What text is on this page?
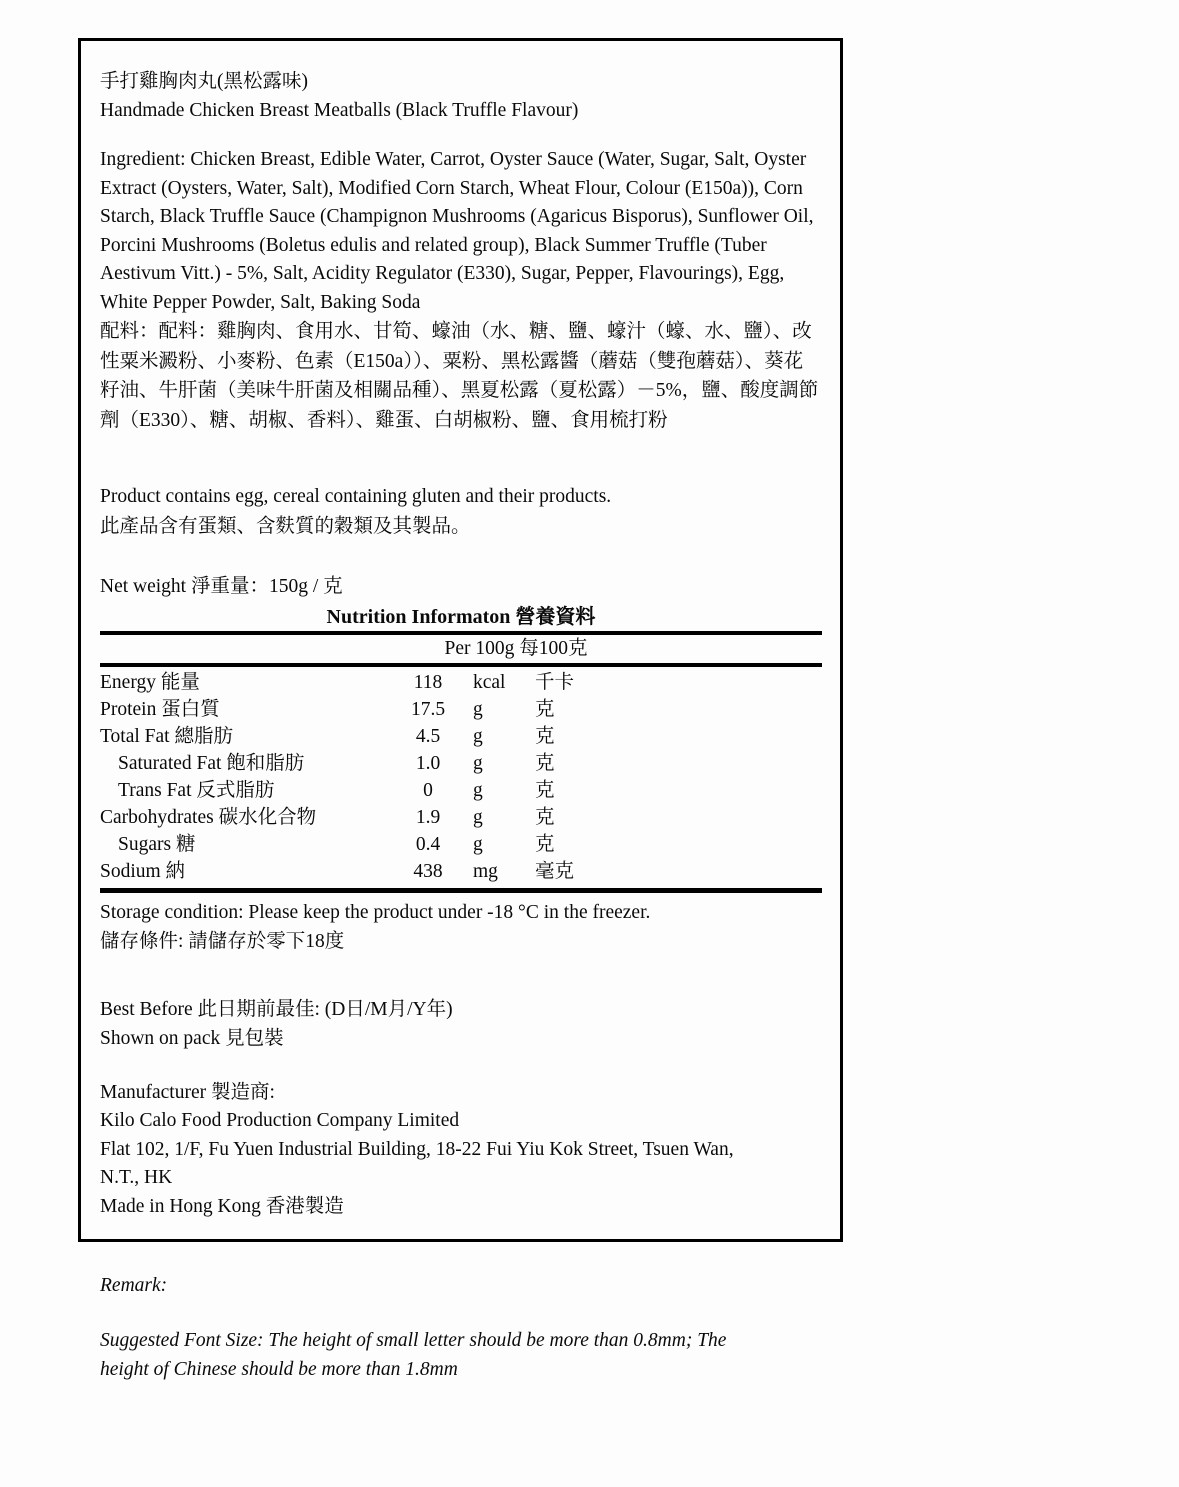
手打雞胸肉丸(黑松露味)
Handmade Chicken Breast Meatballs (Black Truffle Flavour)
Ingredient: Chicken Breast, Edible Water, Carrot, Oyster Sauce (Water, Sugar, Salt, Oyster Extract (Oysters, Water, Salt), Modified Corn Starch, Wheat Flour, Colour (E150a)), Corn Starch, Black Truffle Sauce (Champignon Mushrooms (Agaricus Bisporus), Sunflower Oil, Porcini Mushrooms (Boletus edulis and related group), Black Summer Truffle (Tuber Aestivum Vitt.) - 5%, Salt, Acidity Regulator (E330), Sugar, Pepper, Flavourings), Egg, White Pepper Powder, Salt, Baking Soda
配料：配料：雞胸肉、食用水、甘筍、蠔油（水、糖、鹽、蠔汁（蠔、水、鹽）、改性粟米澱粉、小麥粉、色素（E150a））、粟粉、黑松露醬（蘑菇（雙孢蘑菇）、葵花籽油、牛肝菌（美味牛肝菌及相關品種）、黑夏松露（夏松露）－5%，鹽、酸度調節劑（E330）、糖、胡椒、香料）、雞蛋、白胡椒粉、鹽、食用梳打粉
Product contains egg, cereal containing gluten and their products.
此產品含有蛋類、含麩質的穀類及其製品。
Net weight 淨重量：150g / 克
Nutrition Informaton 營養資料
Per 100g 每100克
Energy 能量	118	kcal	千卡
Protein 蛋白質	17.5	g	克
Total Fat 總脂肪	4.5	g	克
Saturated Fat 飽和脂肪	1.0	g	克
Trans Fat 反式脂肪	0	g	克
Carbohydrates 碳水化合物	1.9	g	克
Sugars 糖	0.4	g	克
Sodium 納	438	mg	毫克
Storage condition: Please keep the product under -18 °C in the freezer.
儲存條件: 請儲存於零下18度
Best Before 此日期前最佳: (D日/M月/Y年)
Shown on pack 見包裝
Manufacturer 製造商:
Kilo Calo Food Production Company Limited
Flat 102, 1/F, Fu Yuen Industrial Building, 18-22 Fui Yiu Kok Street, Tsuen Wan,
N.T., HK
Made in Hong Kong 香港製造
Remark:
Suggested Font Size: The height of small letter should be more than 0.8mm; The
height of Chinese should be more than 1.8mm
